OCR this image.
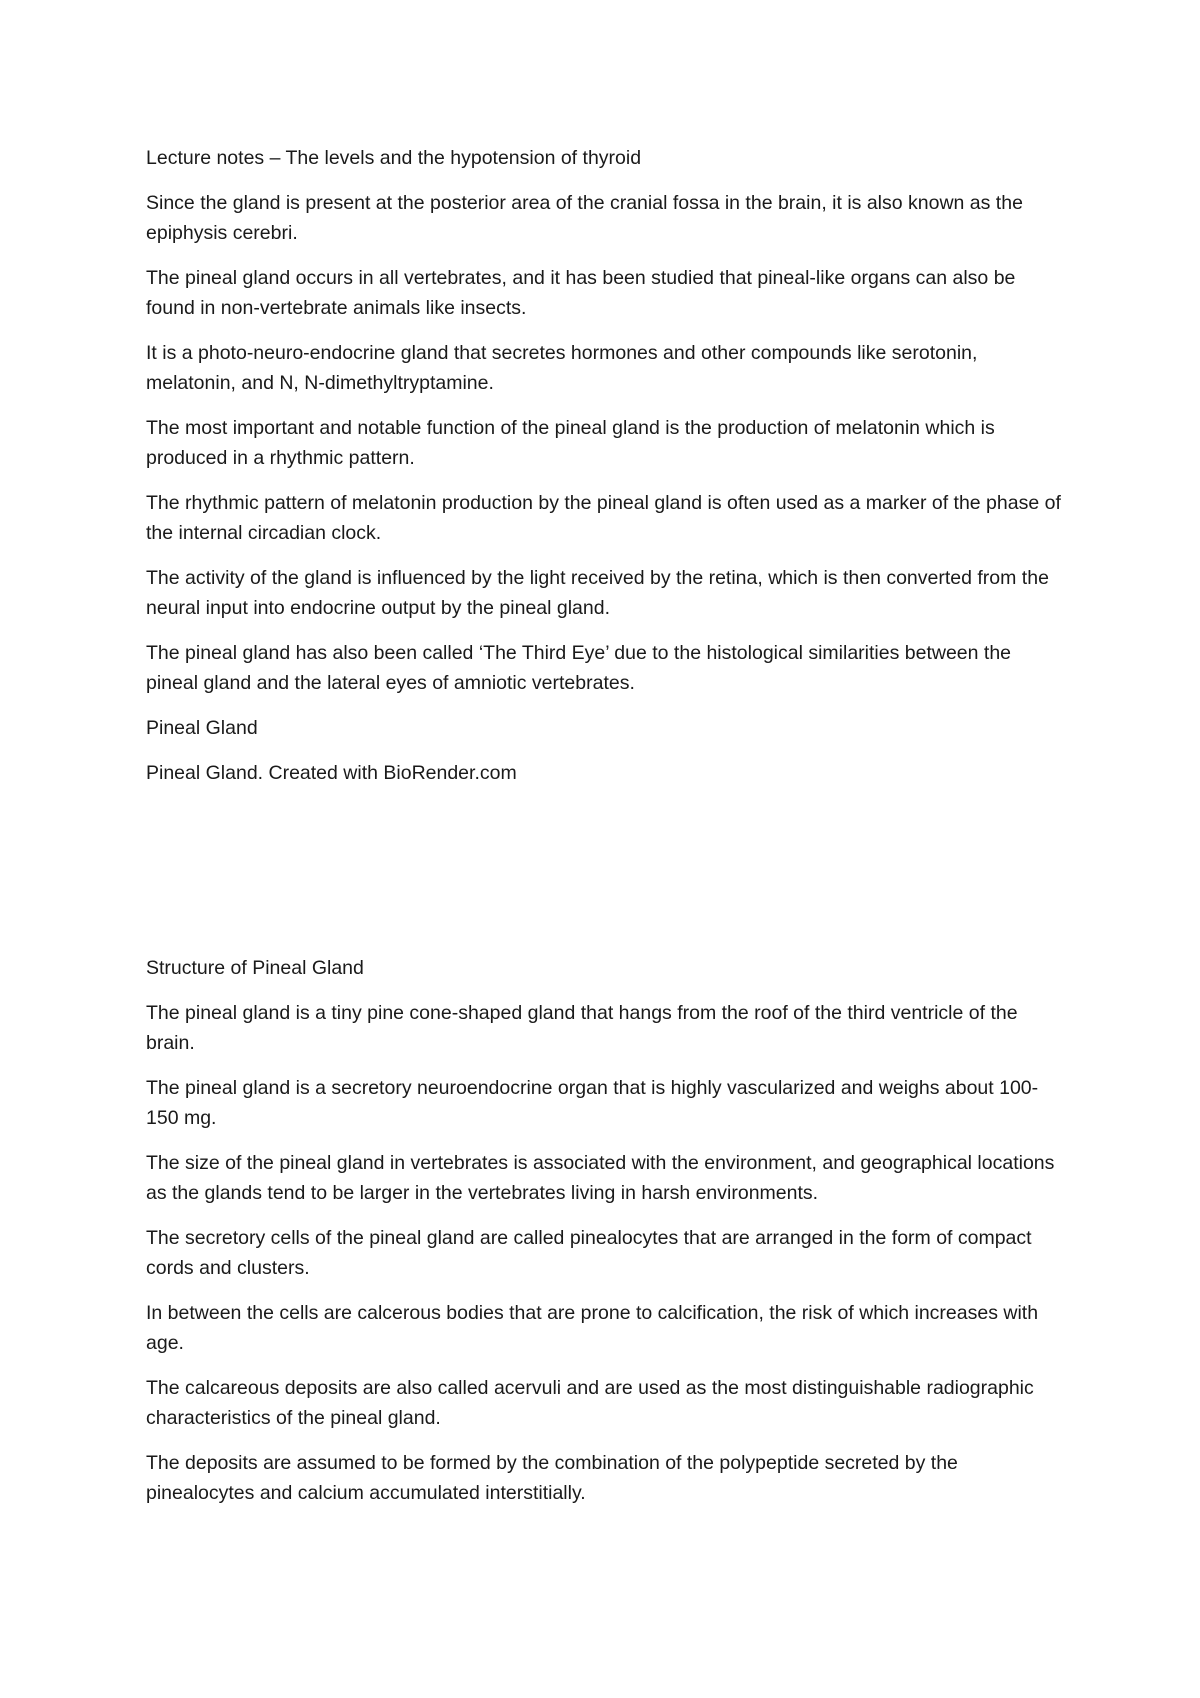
Lecture notes – The levels and the hypotension of thyroid

Since the gland is present at the posterior area of the cranial fossa in the brain, it is also known as the epiphysis cerebri.

The pineal gland occurs in all vertebrates, and it has been studied that pineal-like organs can also be found in non-vertebrate animals like insects.

It is a photo-neuro-endocrine gland that secretes hormones and other compounds like serotonin, melatonin, and N, N-dimethyltryptamine.

The most important and notable function of the pineal gland is the production of melatonin which is produced in a rhythmic pattern.

The rhythmic pattern of melatonin production by the pineal gland is often used as a marker of the phase of the internal circadian clock.

The activity of the gland is influenced by the light received by the retina, which is then converted from the neural input into endocrine output by the pineal gland.

The pineal gland has also been called ‘The Third Eye’ due to the histological similarities between the pineal gland and the lateral eyes of amniotic vertebrates.

Pineal Gland

Pineal Gland. Created with BioRender.com

Structure of Pineal Gland

The pineal gland is a tiny pine cone-shaped gland that hangs from the roof of the third ventricle of the brain.

The pineal gland is a secretory neuroendocrine organ that is highly vascularized and weighs about 100-150 mg.

The size of the pineal gland in vertebrates is associated with the environment, and geographical locations as the glands tend to be larger in the vertebrates living in harsh environments.

The secretory cells of the pineal gland are called pinealocytes that are arranged in the form of compact cords and clusters.

In between the cells are calcerous bodies that are prone to calcification, the risk of which increases with age.

The calcareous deposits are also called acervuli and are used as the most distinguishable radiographic characteristics of the pineal gland.

The deposits are assumed to be formed by the combination of the polypeptide secreted by the pinealocytes and calcium accumulated interstitially.
